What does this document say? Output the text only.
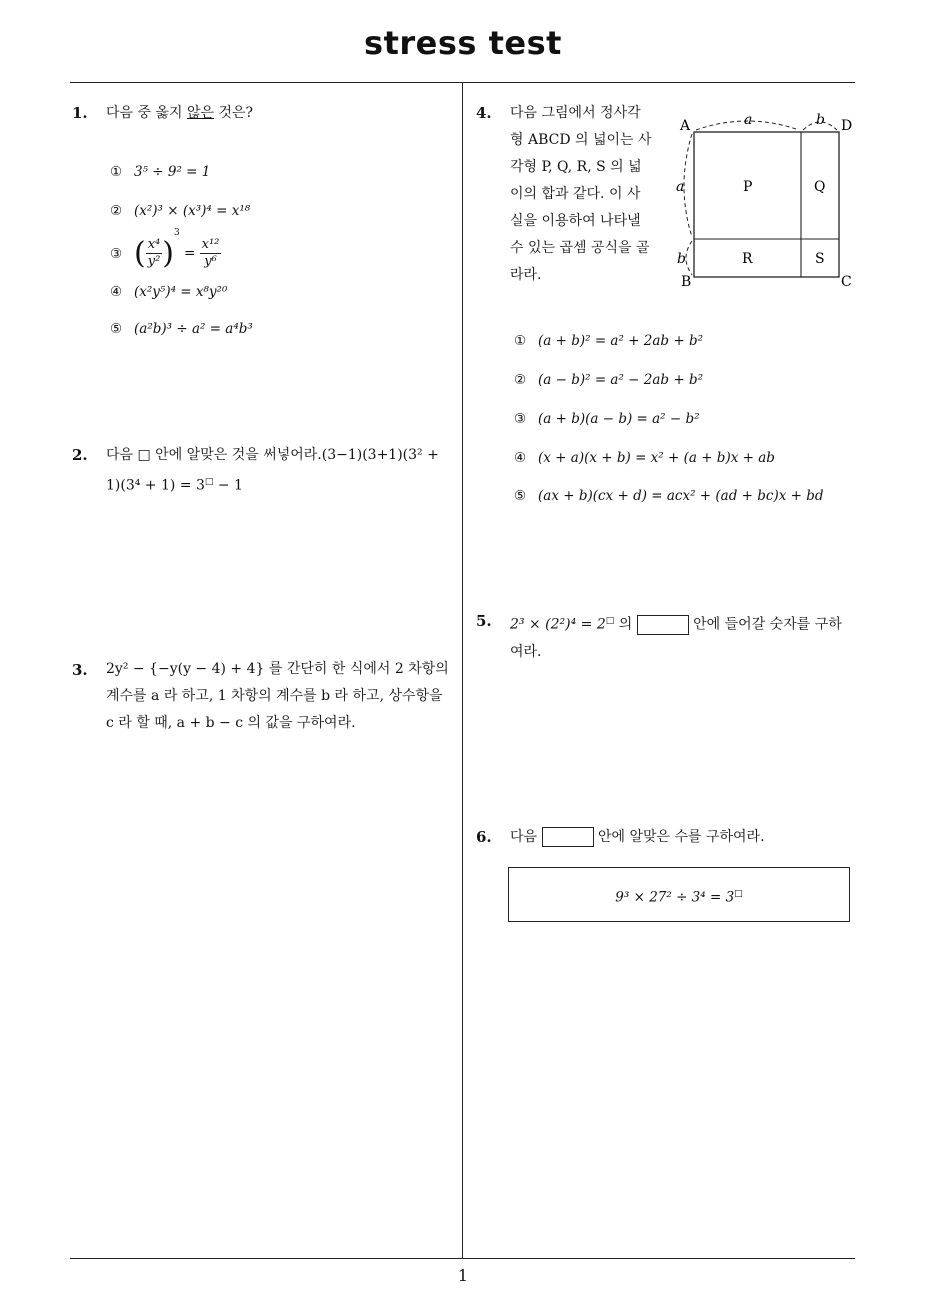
stress test
1
1. 다음 중 옳지 않은 것은?
① 3⁵ ÷ 9² = 1
② (x²)³ × (x³)⁴ = x¹⁸
③ ( $\frac{\text{x⁴}}{\text{y²}} )^3 = \frac{\text{x¹²}}{\text{y⁶}}$
④ (x²y⁵)⁴ = x⁸y²⁰
⑤ (a²b)³ ÷ a² = a⁴b³
2. 다음 □ 안에 알맞은 것을 써넣어라.(3−1)(3+1)(3² +
1)(3⁴ + 1) = 3□ − 1
3. 2y² − {−y(y − 4) + 4} 를 간단히 한 식에서 2 차항의
계수를 a 라 하고, 1 차항의 계수를 b 라 하고, 상수항을
c 라 할 때, a + b − c 의 값을 구하여라.
4. 다음 그림에서 정사각
형 ABCD 의 넓이는 사
각형 P, Q, R, S 의 넓
이의 합과 같다. 이 사
실을 이용하여 나타낼
수 있는 곱셈 공식을 골
라라.
A	D
B	C
a	b
a
b
P	Q
R	S
① (a + b)² = a² + 2ab + b²
② (a − b)² = a² − 2ab + b²
③ (a + b)(a − b) = a² − b²
④ (x + a)(x + b) = x² + (a + b)x + ab
⑤ (ax + b)(cx + d) = acx² + (ad + bc)x + bd
5. 2³ × (2²)⁴ = 2□ 의	안에 들어갈 숫자를 구하
여라.
6. 다음	안에 알맞은 수를 구하여라.
9³ × 27² ÷ 3⁴ = 3□
